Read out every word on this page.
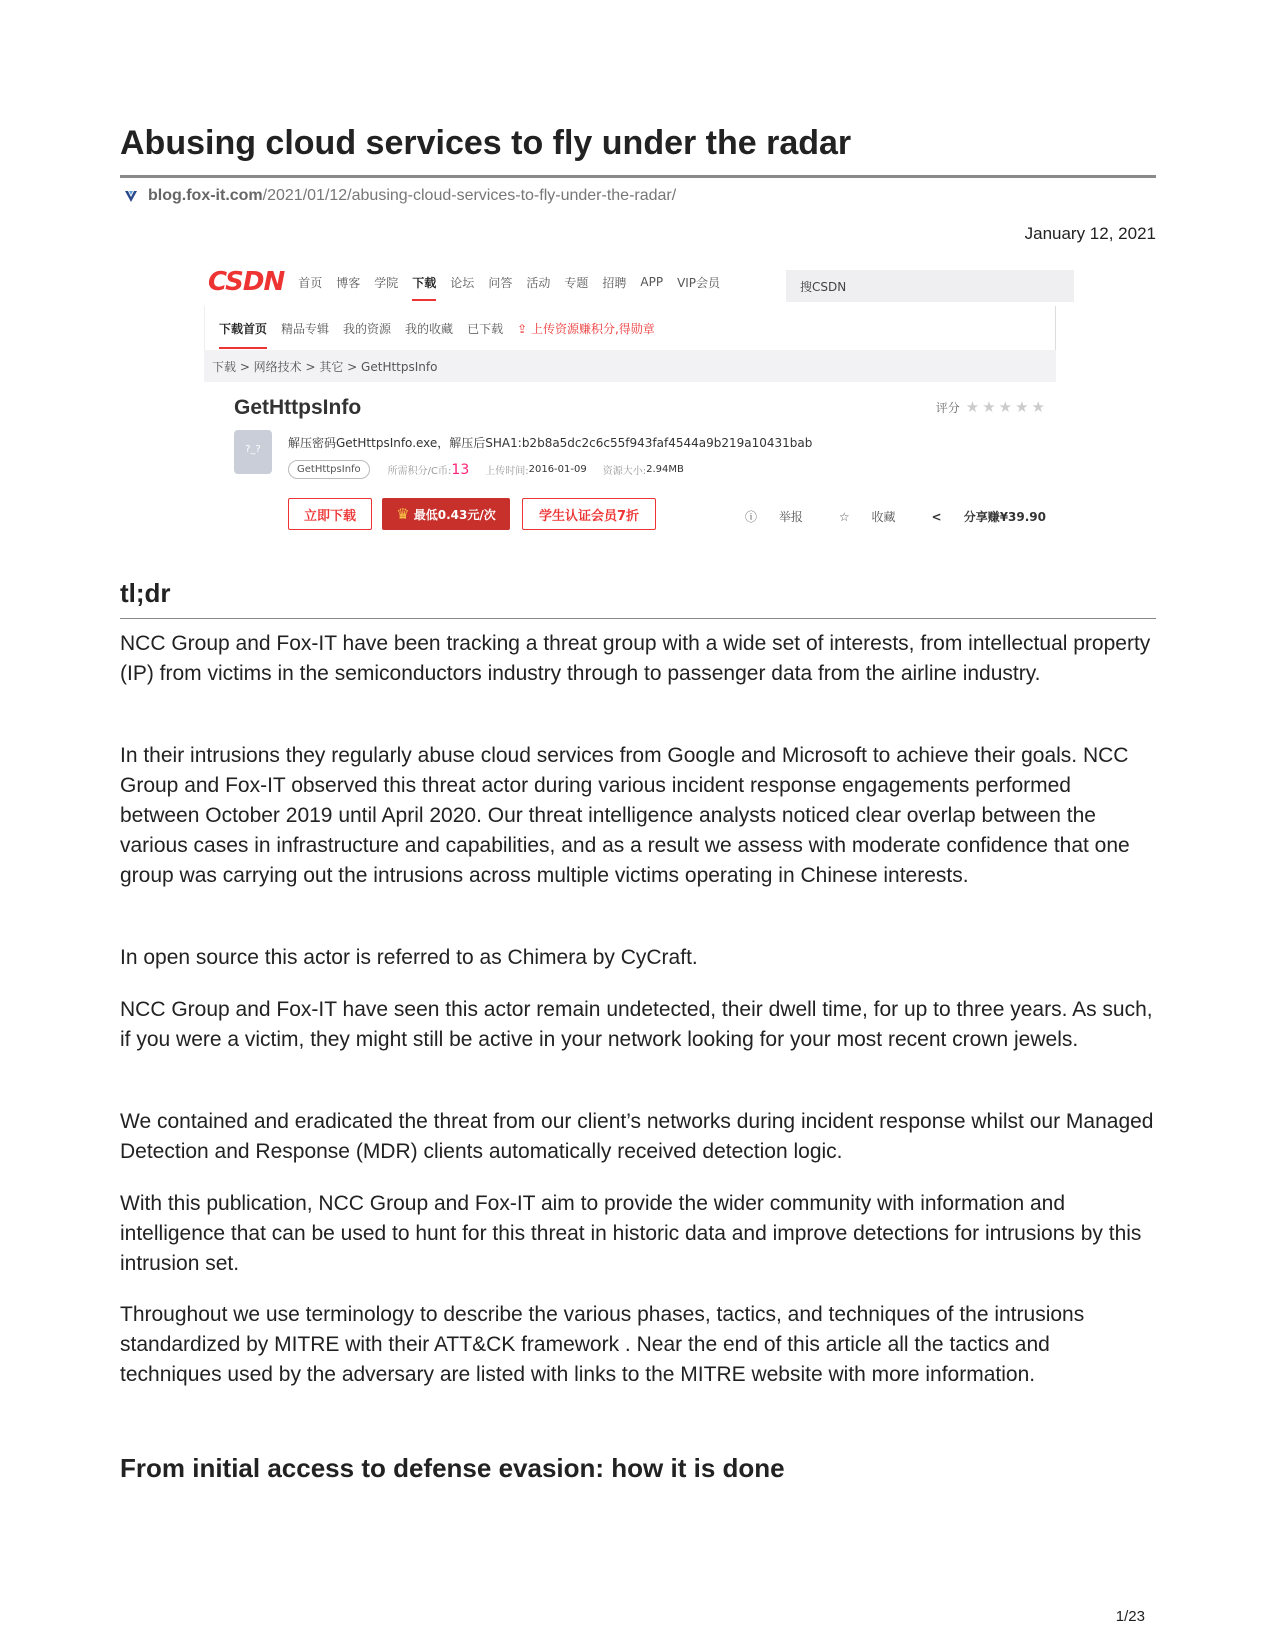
Abusing cloud services to fly under the radar
blog.fox-it.com /2021/01/12/abusing-cloud-services-to-fly-under-the-radar/
January 12, 2021
CSDN 首页 博客 学院 下载 论坛 问答 活动 专题 招聘 APP VIP会员	搜CSDN
下载首页 精品专辑 我的资源 我的收藏 已下载 ⇪ 上传资源赚积分,得勋章
下载 > 网络技术 > 其它 > GetHttpsInfo
GetHttpsInfo	评分 ★★★★★
?_?	解压密码GetHttpsInfo.exe，解压后SHA1:b2b8a5dc2c6c55f943faf4544a9b219a10431bab
GetHttpsInfo	所需积分/C币: 13 上传时间: 2016-01-09 资源大小: 2.94MB
立即下载	♛ 最低0.43元/次	学生认证会员7折	ⓘ 举报	☆ 收藏	< 分享赚¥39.90
tl;dr

NCC Group and Fox-IT have been tracking a threat group with a wide set of interests, from intellectual property (IP) from victims in the semiconductors industry through to passenger data from the airline industry.

In their intrusions they regularly abuse cloud services from Google and Microsoft to achieve their goals. NCC Group and Fox-IT observed this threat actor during various incident response engagements performed between October 2019 until April 2020. Our threat intelligence analysts noticed clear overlap between the various cases in infrastructure and capabilities, and as a result we assess with moderate confidence that one group was carrying out the intrusions across multiple victims operating in Chinese interests.

In open source this actor is referred to as Chimera by CyCraft.

NCC Group and Fox-IT have seen this actor remain undetected, their dwell time, for up to three years. As such, if you were a victim, they might still be active in your network looking for your most recent crown jewels.

We contained and eradicated the threat from our client’s networks during incident response whilst our Managed Detection and Response (MDR) clients automatically received detection logic.

With this publication, NCC Group and Fox-IT aim to provide the wider community with information and intelligence that can be used to hunt for this threat in historic data and improve detections for intrusions by this intrusion set.

Throughout we use terminology to describe the various phases, tactics, and techniques of the intrusions standardized by MITRE with their ATT&CK framework . Near the end of this article all the tactics and techniques used by the adversary are listed with links to the MITRE website with more information.

From initial access to defense evasion: how it is done
1/23
